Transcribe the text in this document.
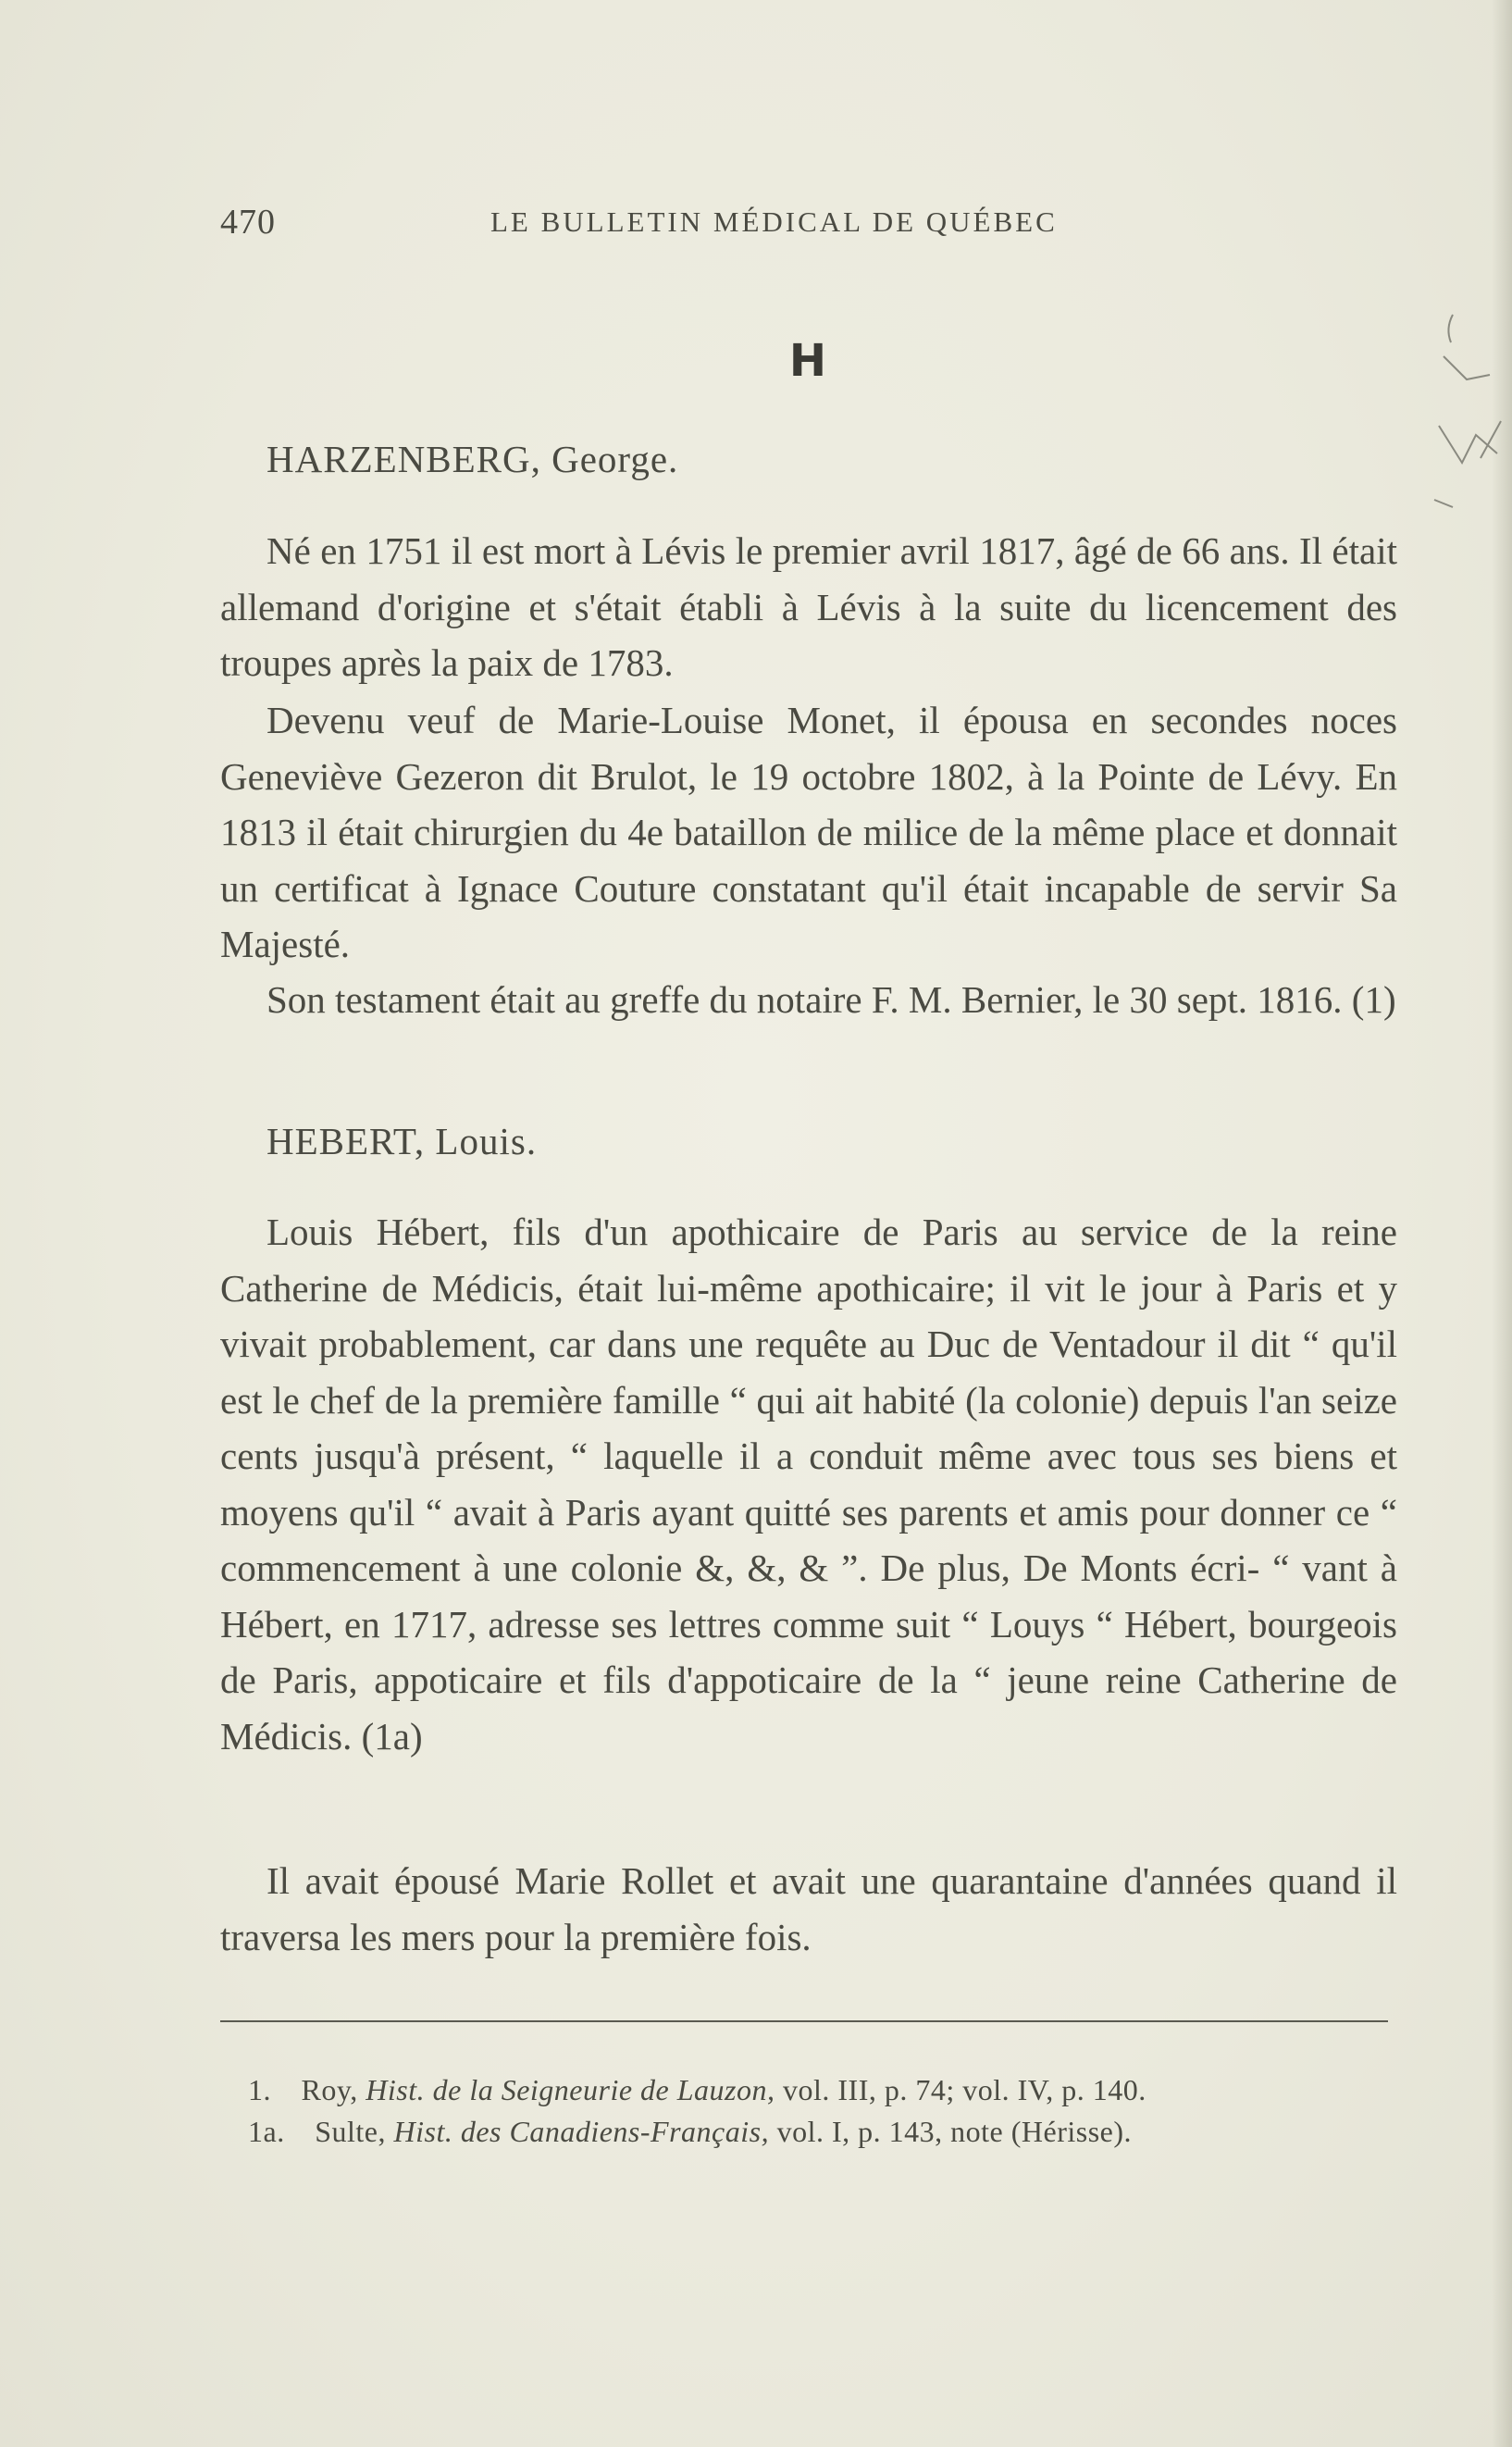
470	LE BULLETIN MÉDICAL DE QUÉBEC
H
HARZENBERG, George.

Né en 1751 il est mort à Lévis le premier avril 1817, âgé de 66 ans. Il était allemand d'origine et s'était établi à Lévis à la suite du licencement des troupes après la paix de 1783.

Devenu veuf de Marie-Louise Monet, il épousa en secondes noces Geneviève Gezeron dit Brulot, le 19 octobre 1802, à la Pointe de Lévy. En 1813 il était chirurgien du 4e bataillon de milice de la même place et donnait un certificat à Ignace Couture constatant qu'il était incapable de servir Sa Majesté.

Son testament était au greffe du notaire F. M. Bernier, le 30 sept. 1816. (1)

HEBERT, Louis.

Louis Hébert, fils d'un apothicaire de Paris au service de la reine Catherine de Médicis, était lui-même apothicaire; il vit le jour à Paris et y vivait probablement, car dans une requête au Duc de Ventadour il dit “ qu'il est le chef de la première famille “ qui ait habité (la colonie) depuis l'an seize cents jusqu'à présent, “ laquelle il a conduit même avec tous ses biens et moyens qu'il “ avait à Paris ayant quitté ses parents et amis pour donner ce “ commencement à une colonie &, &, & ”. De plus, De Monts écri- “ vant à Hébert, en 1717, adresse ses lettres comme suit “ Louys “ Hébert, bourgeois de Paris, appoticaire et fils d'appoticaire de la “ jeune reine Catherine de Médicis. (1a)

Il avait épousé Marie Rollet et avait une quarantaine d'années quand il traversa les mers pour la première fois.

1. Roy, Hist. de la Seigneurie de Lauzon, vol. III, p. 74; vol. IV, p. 140.

1a. Sulte, Hist. des Canadiens-Français, vol. I, p. 143, note (Hérisse).
